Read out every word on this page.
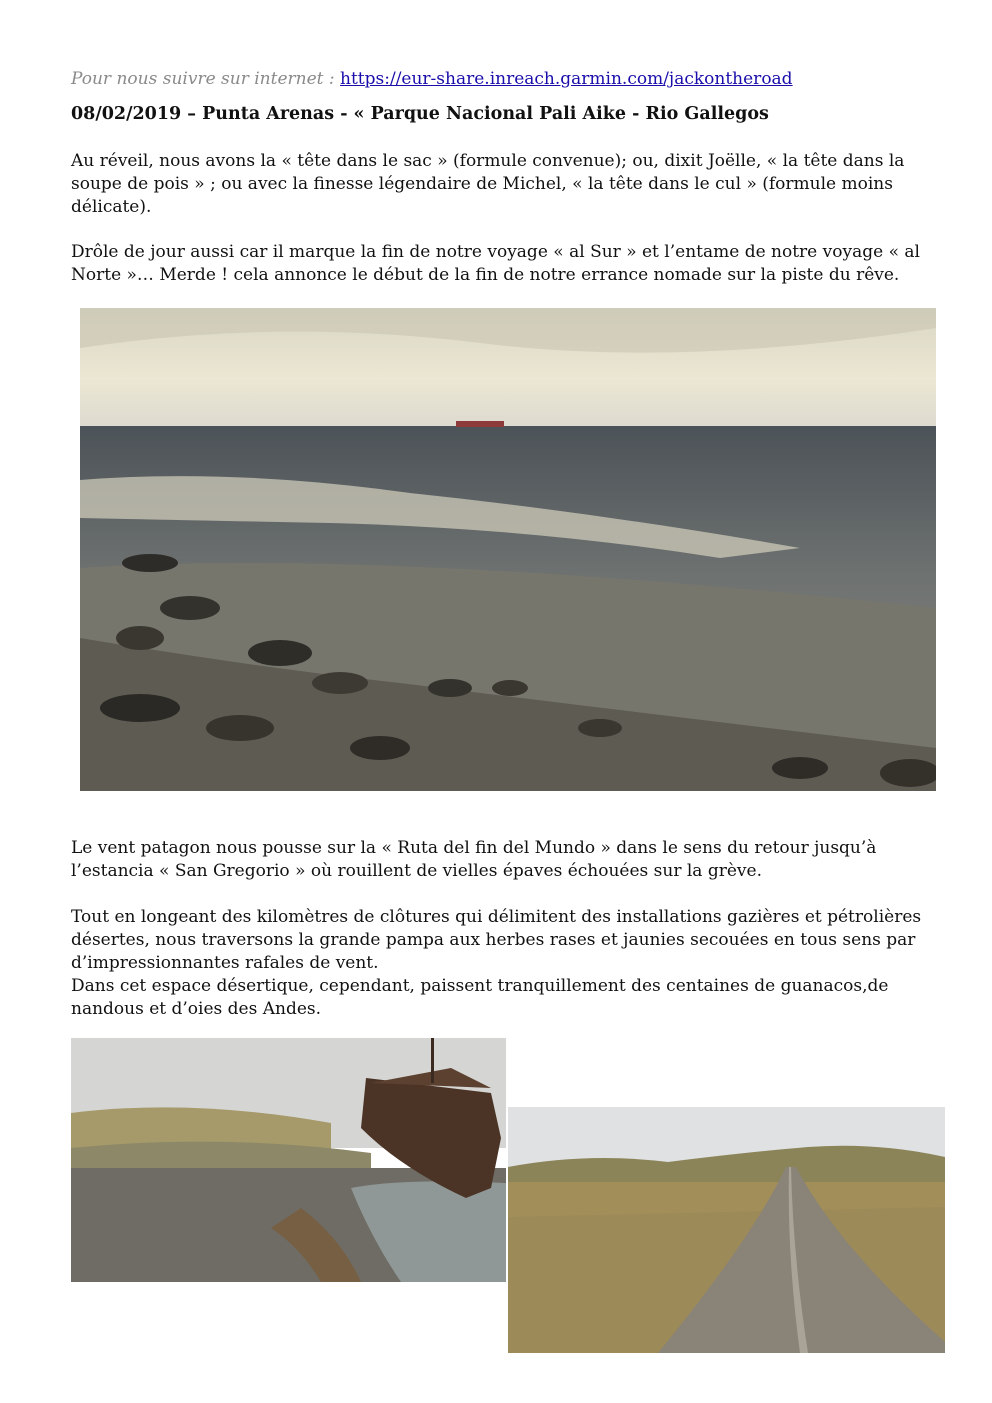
Pour nous suivre sur internet : https://eur-share.inreach.garmin.com/jackontheroad
08/02/2019 – Punta Arenas - « Parque Nacional Pali Aike - Rio Gallegos

Au réveil, nous avons la « tête dans le sac » (formule convenue); ou, dixit Joëlle, « la tête dans la soupe de pois » ; ou avec la finesse légendaire de Michel, « la tête dans le cul » (formule moins délicate).

Drôle de jour aussi car il marque la fin de notre voyage « al Sur » et l’entame de notre voyage « al Norte »… Merde ! cela annonce le début de la fin de notre errance nomade sur la piste du rêve.

Le vent patagon nous pousse sur la « Ruta del fin del Mundo » dans le sens du retour jusqu’à l’estancia « San Gregorio » où rouillent de vielles épaves échouées sur la grève.

Tout en longeant des kilomètres de clôtures qui délimitent des installations gazières et pétrolières désertes, nous traversons la grande pampa aux herbes rases et jaunies secouées en tous sens par d’impressionnantes rafales de vent.

Dans cet espace désertique, cependant, paissent tranquillement des centaines de guanacos,de nandous et d’oies des Andes.
